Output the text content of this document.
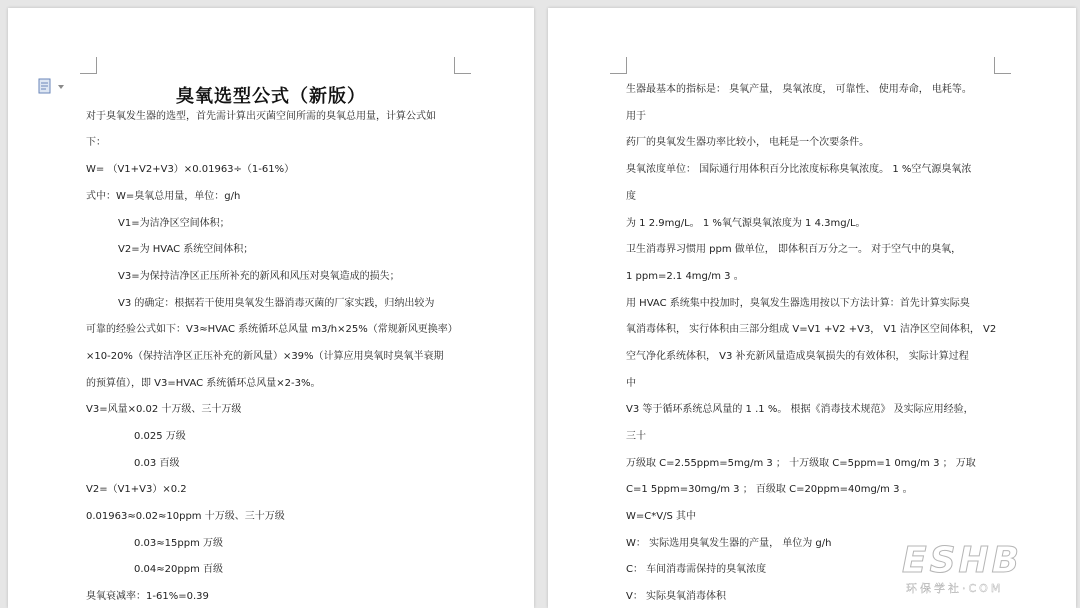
臭氧选型公式（新版）
对于臭氧发生器的选型，首先需计算出灭菌空间所需的臭氧总用量，计算公式如
下：
W= （V1+V2+V3）×0.01963÷（1-61%）
式中：W=臭氧总用量，单位：g/h
V1=为洁净区空间体积；
V2=为 HVAC 系统空间体积；
V3=为保持洁净区正压所补充的新风和风压对臭氧造成的损失；
V3 的确定：根据若干使用臭氧发生器消毒灭菌的厂家实践，归纳出较为
可靠的经验公式如下：V3≈HVAC 系统循环总风量 m3/h×25%（常规新风更换率）
×10-20%（保持洁净区正压补充的新风量）×39%（计算应用臭氧时臭氧半衰期
的预算值），即 V3=HVAC 系统循环总风量×2-3%。
V3=风量×0.02 十万级、三十万级
0.025 万级
0.03 百级
V2=（V1+V3）×0.2
0.01963≈0.02≈10ppm 十万级、三十万级
0.03≈15ppm 万级
0.04≈20ppm 百级
臭氧衰减率：1-61%=0.39
生器最基本的指标是： 臭氧产量， 臭氧浓度， 可靠性、 使用寿命， 电耗等。
用于
药厂的臭氧发生器功率比较小， 电耗是一个次要条件。
臭氧浓度单位： 国际通行用体积百分比浓度标称臭氧浓度。 1 %空气源臭氧浓
度
为 1 2.9mg/L。 1 %氧气源臭氧浓度为 1 4.3mg/L。
卫生消毒界习惯用 ppm 做单位， 即体积百万分之一。 对于空气中的臭氧，
1 ppm=2.1 4mg/m 3 。
用 HVAC 系统集中投加时，臭氧发生器选用按以下方法计算：首先计算实际臭
氧消毒体积， 实行体积由三部分组成 V=V1 +V2 +V3， V1 洁净区空间体积， V2
空气净化系统体积， V3 补充新风量造成臭氧损失的有效体积， 实际计算过程
中
V3 等于循环系统总风量的 1 .1 %。 根据《消毒技术规范》 及实际应用经验，
三十
万级取 C=2.55ppm=5mg/m 3 ； 十万级取 C=5ppm=1 0mg/m 3 ； 万取
C=1 5ppm=30mg/m 3 ； 百级取 C=20ppm=40mg/m 3 。
W=C*V/S 其中
W： 实际选用臭氧发生器的产量， 单位为 g/h
C： 车间消毒需保持的臭氧浓度
V： 实际臭氧消毒体积
ESHB
环保学社·COM
